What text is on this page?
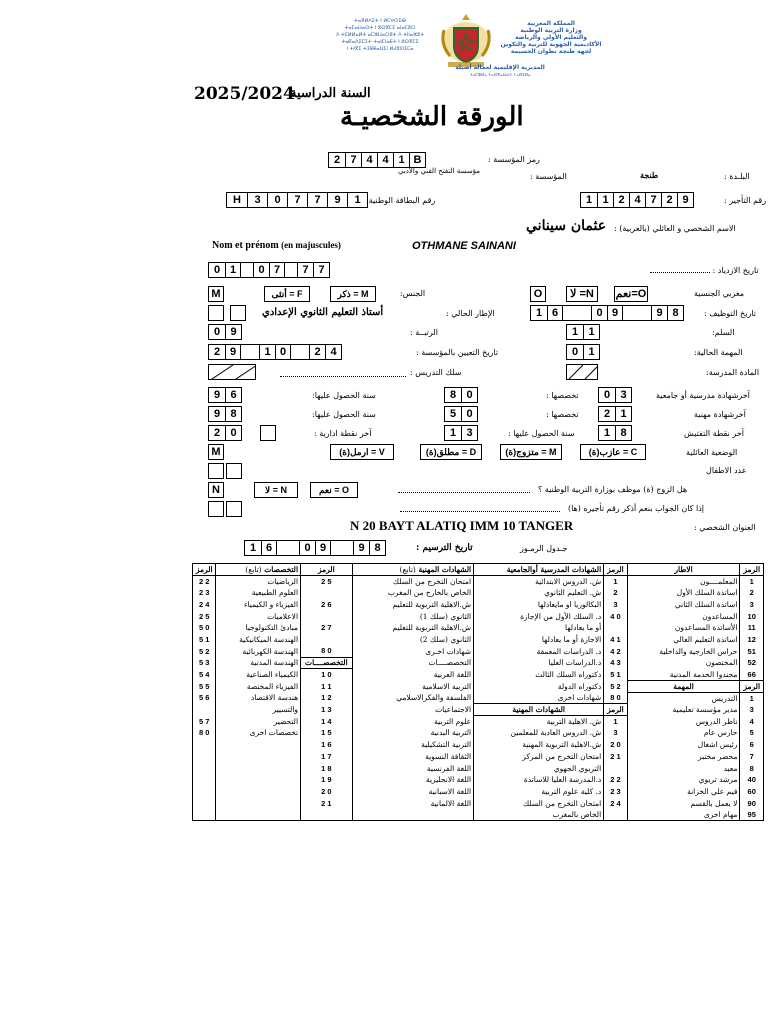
ⵜⴰⴳⵍⴷⵉⵜ ⵏ ⵍⵎⵖⵔⵉⴱ
ⵜⴰⵎⴰⵡⴰⵙⵜ ⵏ ⵓⵙⴳⵎⵉ ⴰⵏⴰⵎⵓⵔ
ⴷ ⵜⵎⵍⵍⴰⵍⵜ ⴰⵎⵣⵡⴰⵔⵓⵜ ⴷ ⵜⵏⵏⴰⵣⵓⵜ
ⵜⴰⴽⴰⴷⵉⵎⵉⵜ ⵜⴰⵏⵎⵏⴰⴹⵜ ⵏ ⵓⵙⴳⵎⵉ
ⵏ ⵜⵏⴳⵉ ⵜⵉⵟⵟⴰⵡⵉⵏ ⵍⵃⵓⵙⵉⵎⴰ
المملكة المغربية
وزارة التربية الوطنية
والتعليم الأولي والرياضة
الأكاديمية الجهوية للتربية والتكوين
لجهة طنجة تطوان الحسيمة
المديرية الإقليمية لعمالة أصيلة
ⵜⴰⵎⵀⵍⴰ ⵜⴰⵙⴳⴰⵡⴰⵏⵜ ⵏ ⴰⵚⵉⵍⴰ
2025/2024
السنة الدراسية
الورقة الشخصيـة
2 7 4 4 1 B	رمز المؤسسة :
البلـدة :
طنجة
المؤسسة :
مؤسسة التفتح الفني والأدبي
رقم التأجير :
1 1 2 4 7 2 9
رقم البطاقة الوطنية:
H	3	0	7	7	9	1
الاسم الشخصي و العائلي (بالعربية) :
عثمان سيناني
Nom et prénom (en majuscules)	OTHMANE SAINANI
0 1	0 7	7 7	تاريخ الازدياد :
مغربي الجنسية
نعم=O
لا =N
O
الجنس:
ذكر = M
أنثى = F
M
تاريخ التوظيف :
1 6	0 9	9 8
الإطار الحالي :
أستاذ التعليم الثانوي الإعدادي
السلم:
1 1
الرتبــة :
0 9
المهمة الحالية:
0 1
تاريخ التعيين بالمؤسسة :
2 9	1 0	2 4
المادة المدرسة:
سلك التدريس :
آخرشهادة مدرسية أو جامعية
0 3
تخصصها :
8 0
سنة الحصول عليها:
9 6
آخرشهادة مهنية
2 1
تخصصها :
5 0
سنة الحصول عليها:
9 8
آخر نقطة التفتيش
1 8
سنة الحصول عليها :
1 3
آخر نقطة ادارية :
2 0
الوضعية العائلية
عازب(ة) = C
متزوج(ة) = M
مطلق(ة) = D
ارمل(ة) = V
M
عدد الاطفال
هل الزوج (ة) موظف بوزارة التربية الوطنية ؟
نعم = O
لا = N
N
إذا كان الجواب بنعم أذكر رقم تأجيره (ها)
العنوان الشخصي :
N 20 BAYT ALATIQ IMM 10 TANGER
جـدول الرمـوز
تاريخ الترسيم :
1 6	0 9	9 8
الرمز	التخصصات (تابع)	الرمز	الشهادات المهنية (تابع)	الشهادات المدرسية أوالجامعية	الرمز	الاطار	الرمز
2 2	الرياضيات	2 5	امتحان التخرج من السلك	ش. الدروس الابتدائية	1	المعلمــــون	1
2 3	العلوم الطبيعية		الخاص بالخارج من المغرب	ش. التعليم الثانوي	2	اساتذة السلك الأول	2
2 4	الفيزياء و الكيمياء	2 6	ش.الاهلية التربوية للتعليم	البكالوريا او مايعادلها	3	اساتذة السلك الثاني	3
2 5	الاعلاميات		الثانوي (سلك 1)	د. السلك الأول من الإجازة	4 0	المساعدون	10
5 0	مبادئ التكنولوجيا	2 7	ش.الاهلية التربوية للتعليم	أو ما يعادلها		الأساتذة المساعدون	11
5 1	الهندسة الميكانيكية		الثانوي (سلك 2)	الاجازة أو ما يعادلها	4 1	اساتذة التعليم العالي	12
5 2	الهندسة الكهربائية	8 0	شهادات اخـرى	د. الدراسات المعمقة	4 2	حراس الخارجية والداخلية	51
5 3	الهندسة المدنية	التخصصــــات	التخصصــــات	د.الدراسات العليا	4 3	المختصون	52
5 4	الكيمياء الصناعية	1 0	اللغة العربية	دكتوراه السلك الثالث	5 1	مجندوا الخدمة المدنية	66
5 5	الفيزياء المختصة	1 1	التربية الاسلامية	دكتوراه الدولة	5 2	المهمة	الرمز
5 6	هندسة الاقتصاد	1 2	الفلسفة والفكرالاسلامي	شهادات اخرى	8 0	التدريس	1
	والتسيير	1 3	الاجتماعيات	الشهادات المهنية	الرمز	مدير مؤسسة تعليمية	3
5 7	التحضير	1 4	علوم التربية	ش. الاهلية التربية	1	ناظر الدروس	4
8 0	تخصصات اخرى	1 5	التربية البدنية	ش. الدروس العادية للمعلمين	3	حارس عام	5
		1 6	التربية التشكيلية	ش.الاهلية التربوية المهنية	2 0	رئيس اشغال	6
		1 7	الثقافة النسوية	امتحان التخرج من المركز	2 1	محضر مختبر	7
		1 8	اللغة الفرنسية	التربوي الجهوي		معيد	8
		1 9	اللغة الانجليزية	د.المدرسة العليا للاساتذة	2 2	مرشد تربوي	40
		2 0	اللغة الاسبانية	د. كلية علوم التربية	2 3	قيم علي الخزانة	60
		2 1	اللغة الالمانية	امتحان التخرج من السلك	2 4	لا يعمل بالقسم	90
				الخاص بالمغرب		مهام اخرى	95
